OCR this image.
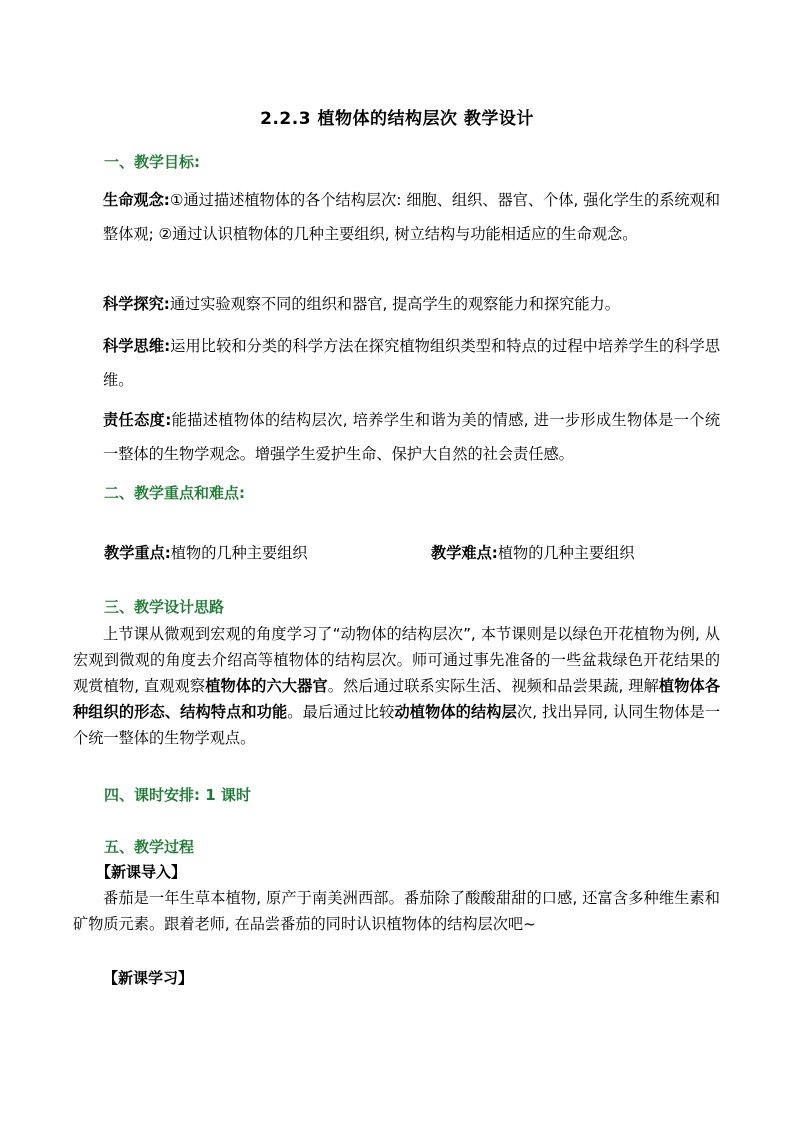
2.2.3 植物体的结构层次 教学设计
一、教学目标:

生命观念:①通过描述植物体的各个结构层次: 细胞、组织、器官、个体, 强化学生的系统观和整体观; ②通过认识植物体的几种主要组织, 树立结构与功能相适应的生命观念。

科学探究:通过实验观察不同的组织和器官, 提高学生的观察能力和探究能力。

科学思维:运用比较和分类的科学方法在探究植物组织类型和特点的过程中培养学生的科学思维。

责任态度:能描述植物体的结构层次, 培养学生和谐为美的情感, 进一步形成生物体是一个统一整体的生物学观念。增强学生爱护生命、保护大自然的社会责任感。

二、教学重点和难点:
教学重点:植物的几种主要组织	教学难点:植物的几种主要组织
三、教学设计思路

上节课从微观到宏观的角度学习了“动物体的结构层次”, 本节课则是以绿色开花植物为例, 从宏观到微观的角度去介绍高等植物体的结构层次。师可通过事先准备的一些盆栽绿色开花结果的观赏植物, 直观观察植物体的六大器官。然后通过联系实际生活、视频和品尝果蔬, 理解植物体各种组织的形态、结构特点和功能。最后通过比较动植物体的结构层次, 找出异同, 认同生物体是一个统一整体的生物学观点。

四、课时安排: 1 课时
五、教学过程
【新课导入】

番茄是一年生草本植物, 原产于南美洲西部。番茄除了酸酸甜甜的口感, 还富含多种维生素和矿物质元素。跟着老师, 在品尝番茄的同时认识植物体的结构层次吧~

【新课学习】
